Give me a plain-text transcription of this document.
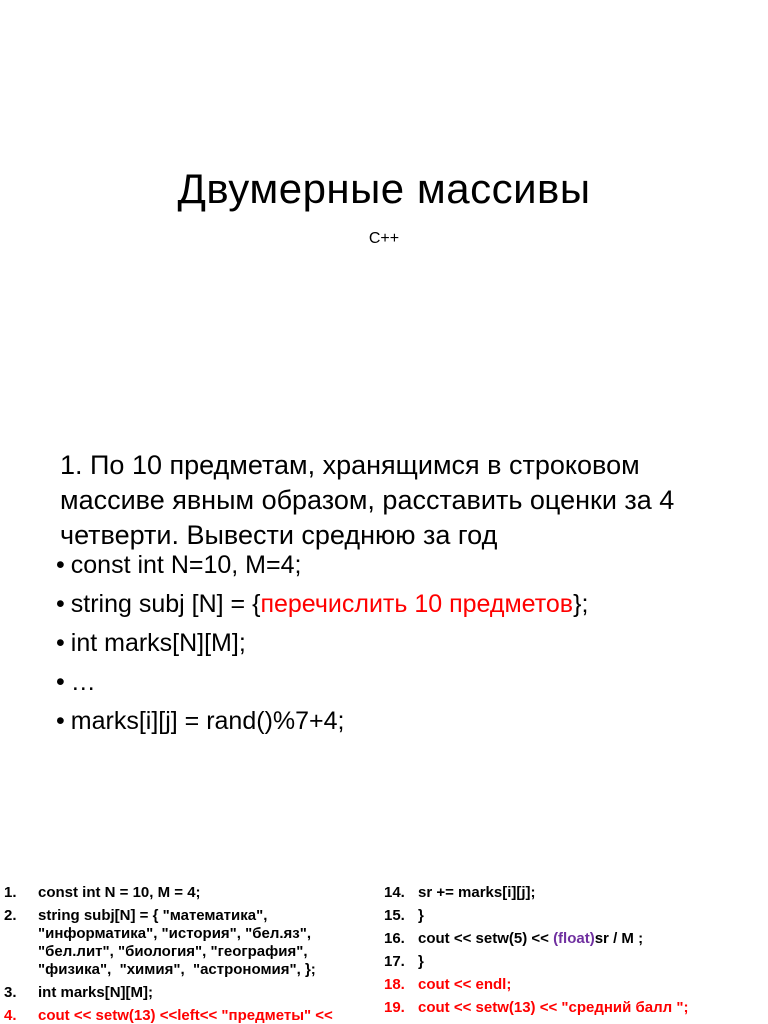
Двумерные массивы
C++
1. По 10 предметам, хранящимся в строковом массиве явным образом, расставить оценки за 4 четверти. Вывести среднюю за год
• const int N=10, M=4;
• string subj [N] = {перечислить 10 предметов};
• int marks[N][M];
• …
• marks[i][j] = rand()%7+4;
1.	const int N = 10, M = 4;
2.	string subj[N] = { "математика", "информатика", "история", "бел.яз", "бел.лит", "биология", "география", "физика",  "химия",  "астрономия", };
3.	int marks[N][M];
4.	cout << setw(13) <<left<< "предметы" <<
14. sr += marks[i][j];
15. }
16. cout << setw(5) << (float)sr / M ;
17. }
18. cout << endl;
19. cout << setw(13) << "средний балл ";
